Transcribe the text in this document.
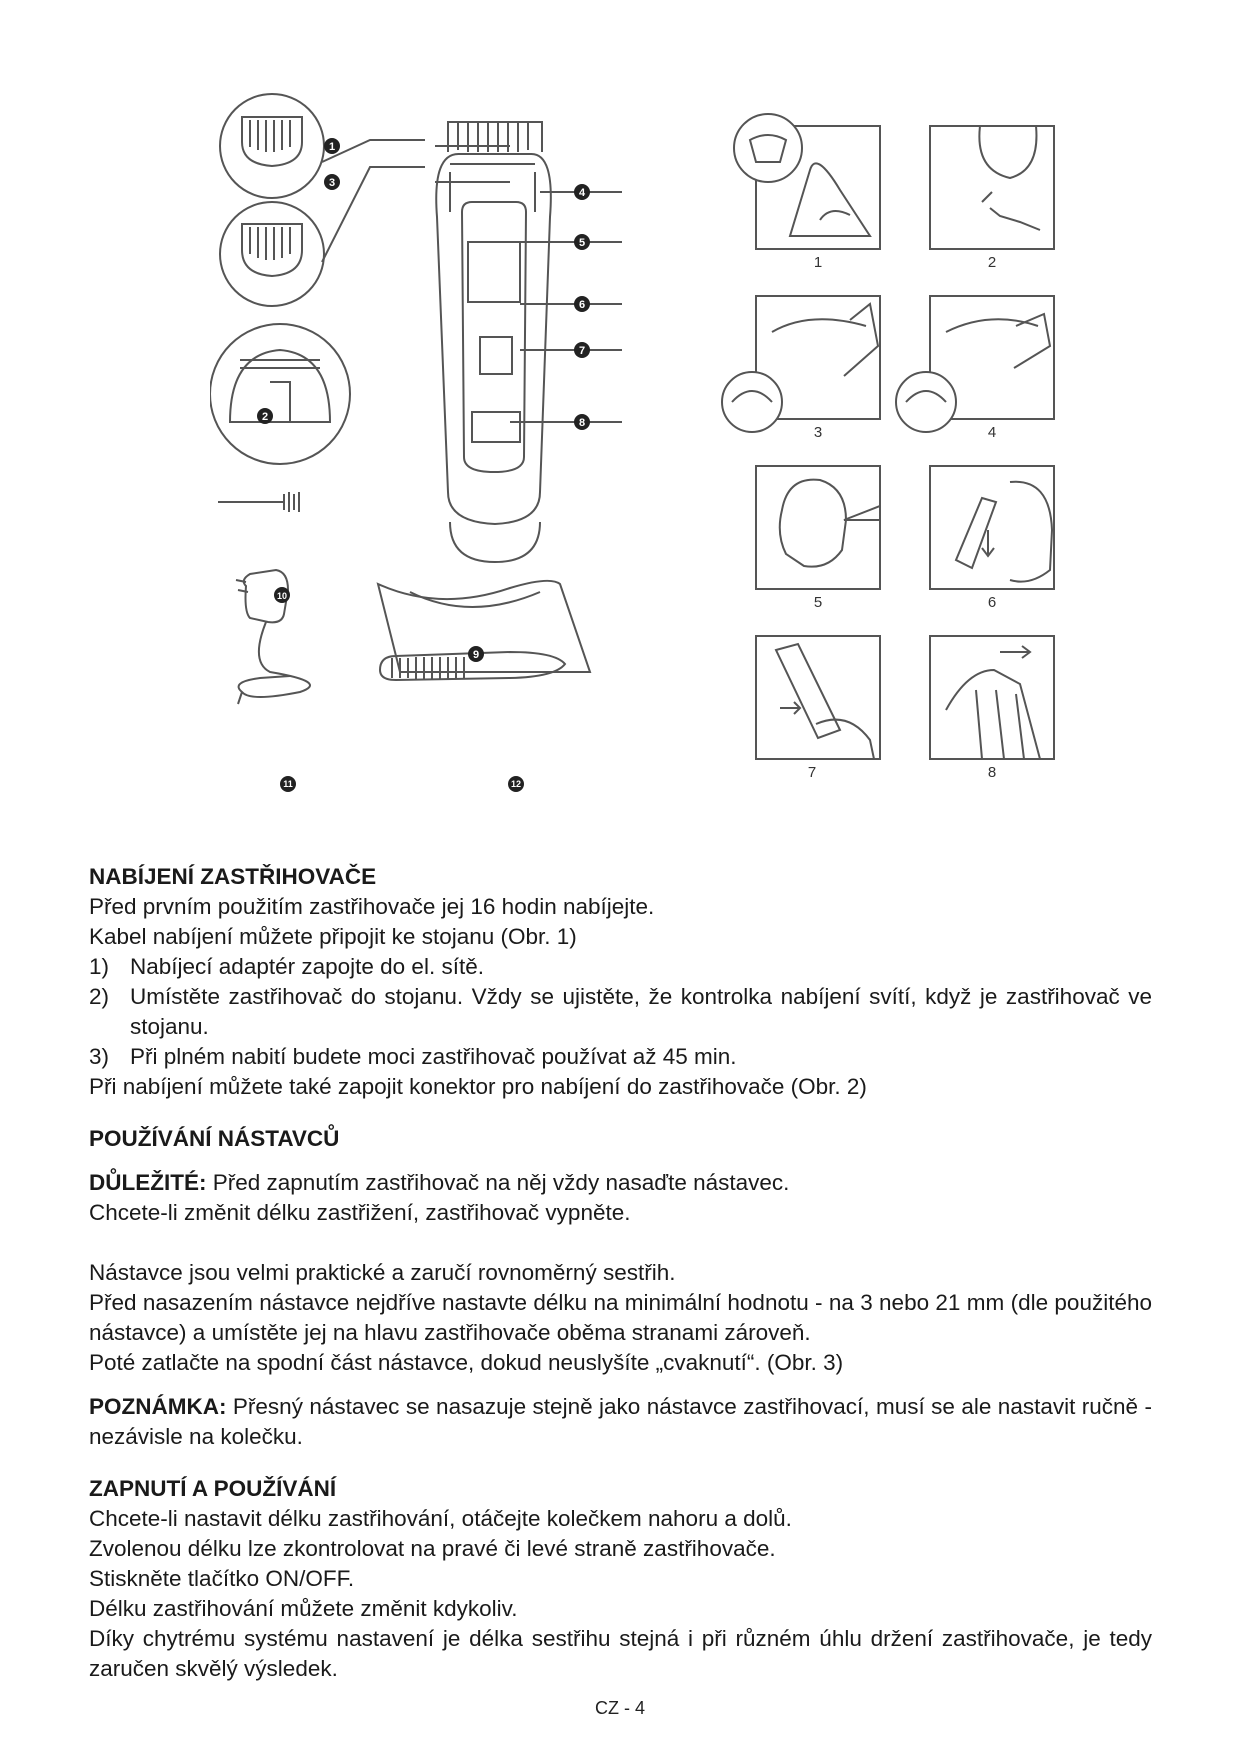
1
2
3
4
5
6
7
8
9
10
11	12
1	2
3	4
5	6
7	8
NABÍJENÍ ZASTŘIHOVAČE

Před prvním použitím zastřihovače jej 16 hodin nabíjejte.

Kabel nabíjení můžete připojit ke stojanu (Obr. 1)

1) Nabíjecí adaptér zapojte do el. sítě.
2) Umístěte zastřihovač do stojanu. Vždy se ujistěte, že kontrolka nabíjení svítí, když je zastřihovač ve stojanu.
3) Při plném nabití budete moci zastřihovač používat až 45 min.

Při nabíjení můžete také zapojit konektor pro nabíjení do zastřihovače (Obr. 2)

POUŽÍVÁNÍ NÁSTAVCŮ

DŮLEŽITÉ: Před zapnutím zastřihovač na něj vždy nasaďte nástavec.

Chcete-li změnit délku zastřižení, zastřihovač vypněte.

Nástavce jsou velmi praktické a zaručí rovnoměrný sestřih.

Před nasazením nástavce nejdříve nastavte délku na minimální hodnotu - na 3 nebo 21 mm (dle použitého nástavce) a umístěte jej na hlavu zastřihovače oběma stranami zároveň.

Poté zatlačte na spodní část nástavce, dokud neuslyšíte „cvaknutí“. (Obr. 3)

POZNÁMKA: Přesný nástavec se nasazuje stejně jako nástavce zastřihovací, musí se ale nastavit ručně - nezávisle na kolečku.

ZAPNUTÍ A POUŽÍVÁNÍ

Chcete-li nastavit délku zastřihování, otáčejte kolečkem nahoru a dolů.

Zvolenou délku lze zkontrolovat na pravé či levé straně zastřihovače.

Stiskněte tlačítko ON/OFF.

Délku zastřihování můžete změnit kdykoliv.

Díky chytrému systému nastavení je délka sestřihu stejná i při různém úhlu držení zastřihovače, je tedy zaručen skvělý výsledek.

CZ - 4
